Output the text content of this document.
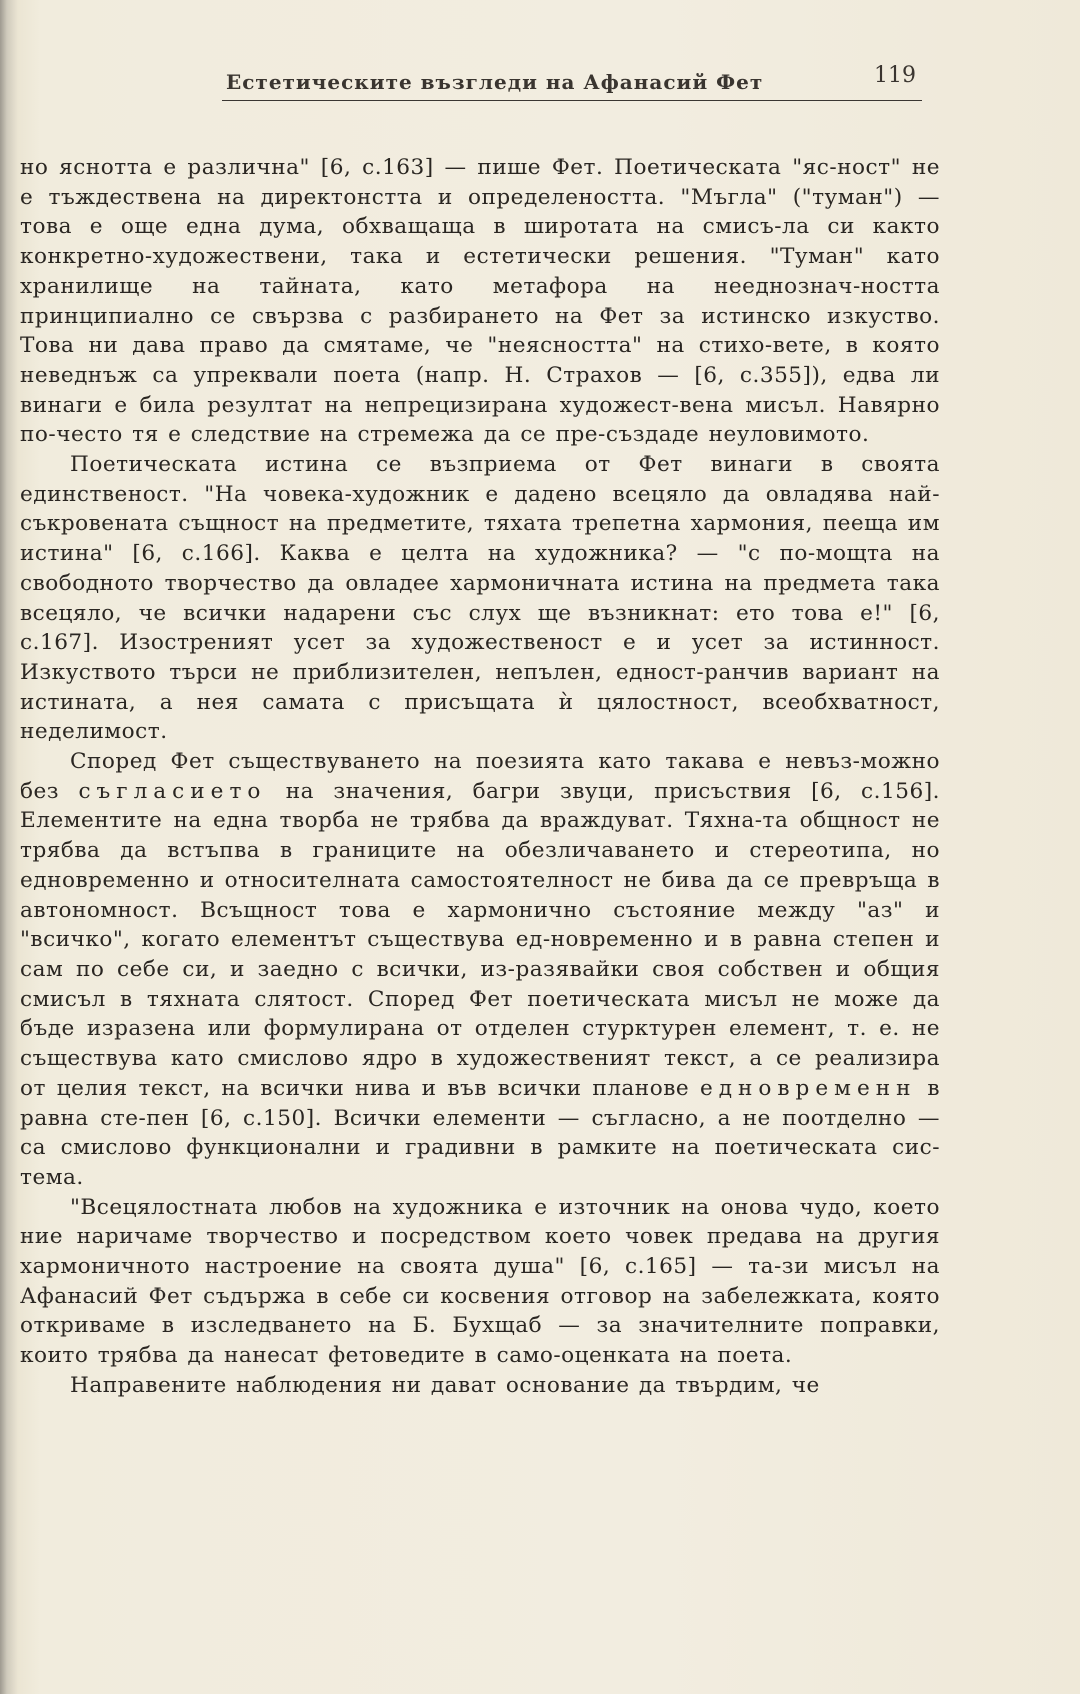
Естетическите възгледи на Афанасий Фет	119

но яснотта е различна" [6, с.163] — пише Фет. Поетическата "яс-ност" не е тъждествена на директонстта и определеността. "Мъгла" ("туман") — това е още една дума, обхващаща в широтата на смисъ-ла си както конкретно-художествени, така и естетически решения. "Туман" като хранилище на тайната, като метафора на нееднознач-ността принципиално се свързва с разбирането на Фет за истинско изкуство. Това ни дава право да смятаме, че "неясността" на стихо-вете, в която неведнъж са упреквали поета (напр. Н. Страхов — [6, с.355]), едва ли винаги е била резултат на непрецизирана художест-вена мисъл. Навярно по-често тя е следствие на стремежа да се пре-създаде неуловимото.

Поетическата истина се възприема от Фет винаги в своята единственост. "На човека-художник е дадено всецяло да овладява най-съкровената същност на предметите, тяхата трепетна хармония, пееща им истина" [6, с.166]. Каква е целта на художника? — "с по-мощта на свободното творчество да овладее хармоничната истина на предмета така всецяло, че всички надарени със слух ще възникнат: ето това е!" [6, с.167]. Изостреният усет за художественост е и усет за истинност. Изкуството търси не приблизителен, непълен, едност-ранчив вариант на истината, а нея самата с присъщата ѝ цялостност, всеобхватност, неделимост.

Според Фет съществуването на поезията като такава е невъз-можно без съгласието на значения, багри звуци, присъствия [6, с.156]. Елементите на една творба не трябва да враждуват. Тяхна-та общност не трябва да встъпва в границите на обезличаването и стереотипа, но едновременно и относителната самостоятелност не бива да се превръща в автономност. Всъщност това е хармонично състояние между "аз" и "всичко", когато елементът съществува ед-новременно и в равна степен и сам по себе си, и заедно с всички, из-разявайки своя собствен и общия смисъл в тяхната слятост. Според Фет поетическата мисъл не може да бъде изразена или формулирана от отделен стурктурен елемент, т. е. не съществува като смислово ядро в художественият текст, а се реализира от целия текст, на всички нива и във всички планове едновременн в равна сте-пен [6, с.150]. Всички елементи — съгласно, а не поотделно — са смислово функционални и градивни в рамките на поетическата сис-тема.

"Всецялостната любов на художника е източник на онова чудо, което ние наричаме творчество и посредством което човек предава на другия хармоничното настроение на своята душа" [6, с.165] — та-зи мисъл на Афанасий Фет съдържа в себе си косвения отговор на забележката, която откриваме в изследването на Б. Бухщаб — за значителните поправки, които трябва да нанесат фетоведите в само-оценката на поета.

Направените наблюдения ни дават основание да твърдим, че
